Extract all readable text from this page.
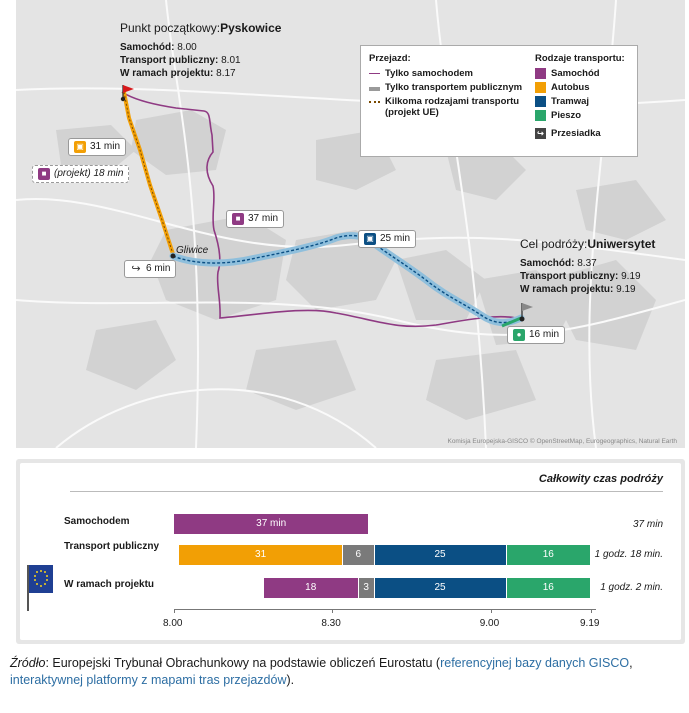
Punkt początkowy:Pyskowice
Samochód: 8.00
Transport publiczny: 8.01
W ramach projektu: 8.17
Cel podróży:Uniwersytet
Samochód: 8.37
Transport publiczny: 9.19
W ramach projektu: 9.19
Gliwice
▣ 31 min
■ (projekt) 18 min
■ 37 min
▣ 25 min
↪ 6 min
● 16 min
Przejazd:
Tylko samochodem
Tylko transportem publicznym
Kilkoma rodzajami transportu (projekt UE)
Rodzaje transportu:
Samochód
Autobus
Tramwaj
Pieszo
↪ Przesiadka
Komisja Europejska-GISCO © OpenStreetMap, Eurogeographics, Natural Earth
Całkowity czas podróży
Samochodem
Transport publiczny
W ramach projektu
37 min
31	6	25	16
18	3	25	16
37 min
1 godz. 18 min.
1 godz. 2 min.
8.00	8.30	9.00	9.19
Źródło: Europejski Trybunał Obrachunkowy na podstawie obliczeń Eurostatu (referencyjnej bazy danych GISCO, interaktywnej platformy z mapami tras przejazdów).
